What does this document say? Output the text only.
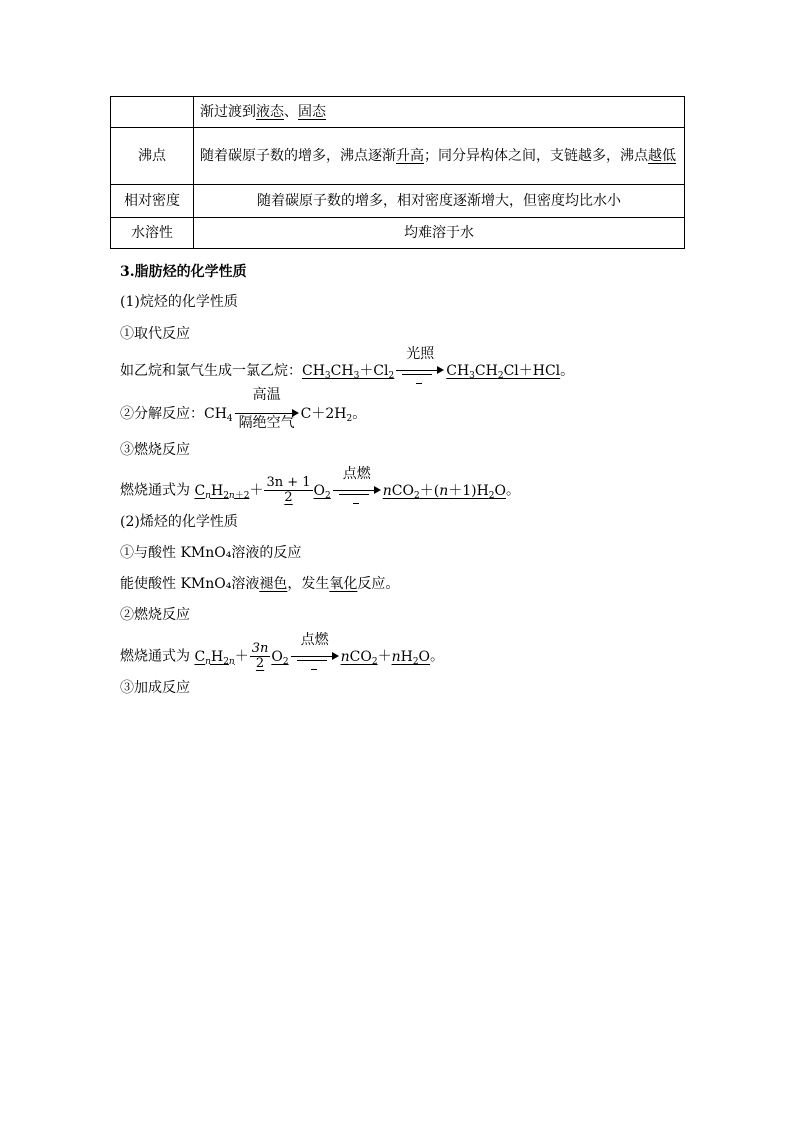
	渐过渡到液态、固态
沸点	随着碳原子数的增多，沸点逐渐升高；同分异构体之间，支链越多，沸点越低
相对密度	随着碳原子数的增多，相对密度逐渐增大，但密度均比水小
水溶性	均难溶于水
3.脂肪烃的化学性质
(1)烷烃的化学性质
①取代反应
如乙烷和氯气生成一氯乙烷：$CH_3CH_3+Cl_2$
光照
$CH_3CH_2Cl+HCl$。
②分解反应：$CH_4$
高温
隔绝空气
$C+2H_2$。
③燃烧反应
燃烧通式为 $C_nH_{2n+2}+ \frac{3n + 1}{2} O_2$
点燃
$nCO_2+(n+1)H_2O$。
(2)烯烃的化学性质
①与酸性 KMnO₄溶液的反应
能使酸性 KMnO₄溶液褪色，发生氧化反应。
②燃烧反应
燃烧通式为 $C_nH_{2n}+ \frac{3n}{2} O_2$
点燃
$nCO_2+nH_2O$。
③加成反应
